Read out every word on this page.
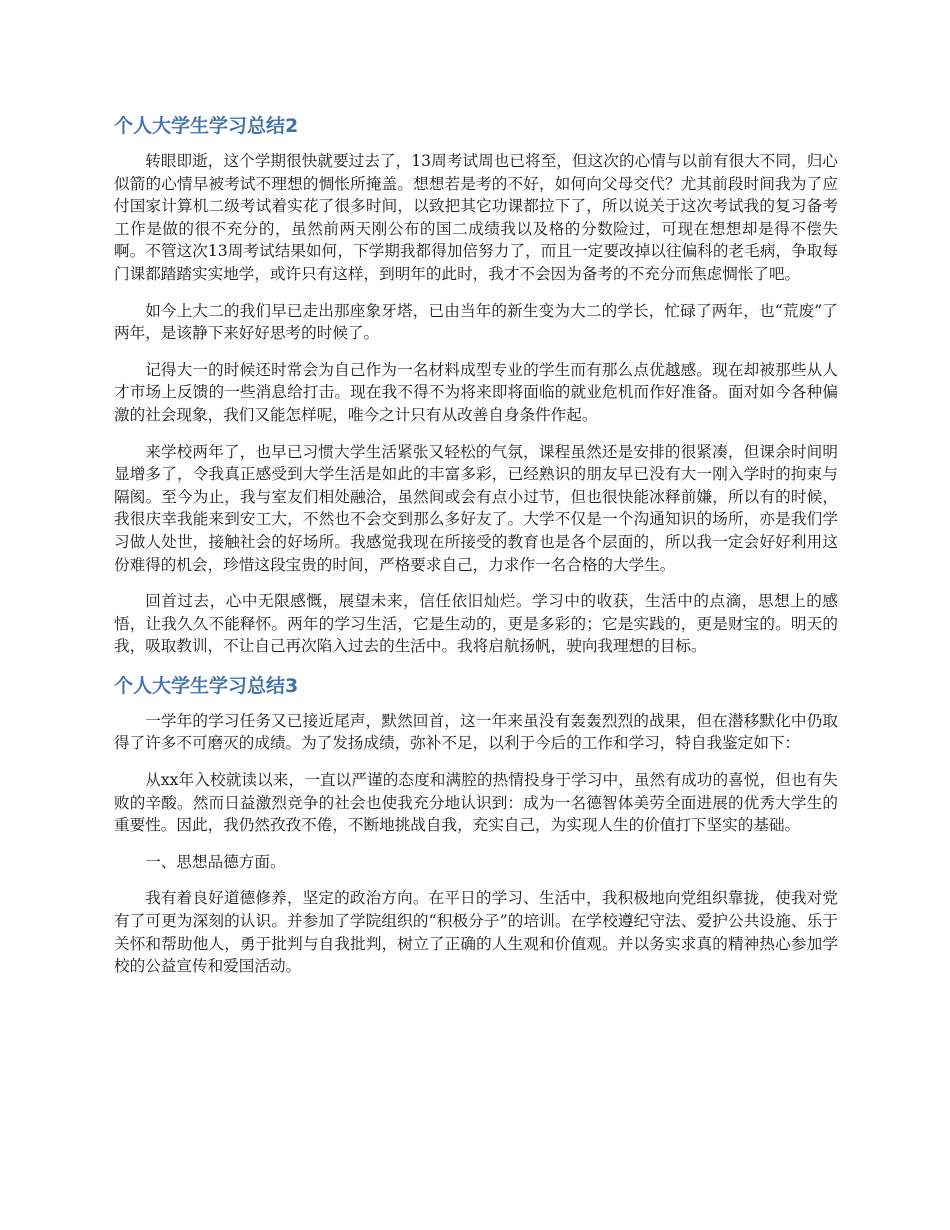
个人大学生学习总结2

转眼即逝，这个学期很快就要过去了，13周考试周也已将至，但这次的心情与以前有很大不同，归心似箭的心情早被考试不理想的惆怅所掩盖。想想若是考的不好，如何向父母交代？尤其前段时间我为了应付国家计算机二级考试着实花了很多时间，以致把其它功课都拉下了，所以说关于这次考试我的复习备考工作是做的很不充分的，虽然前两天刚公布的国二成绩我以及格的分数险过，可现在想想却是得不偿失啊。不管这次13周考试结果如何，下学期我都得加倍努力了，而且一定要改掉以往偏科的老毛病，争取每门课都踏踏实实地学，或许只有这样，到明年的此时，我才不会因为备考的不充分而焦虑惆怅了吧。

如今上大二的我们早已走出那座象牙塔，已由当年的新生变为大二的学长，忙碌了两年，也“荒废”了两年，是该静下来好好思考的时候了。

记得大一的时候还时常会为自己作为一名材料成型专业的学生而有那么点优越感。现在却被那些从人才市场上反馈的一些消息给打击。现在我不得不为将来即将面临的就业危机而作好准备。面对如今各种偏激的社会现象，我们又能怎样呢，唯今之计只有从改善自身条件作起。

来学校两年了，也早已习惯大学生活紧张又轻松的气氛，课程虽然还是安排的很紧凑，但课余时间明显增多了，令我真正感受到大学生活是如此的丰富多彩，已经熟识的朋友早已没有大一刚入学时的拘束与隔阂。至今为止，我与室友们相处融洽，虽然间或会有点小过节，但也很快能冰释前嫌，所以有的时候，我很庆幸我能来到安工大，不然也不会交到那么多好友了。大学不仅是一个沟通知识的场所，亦是我们学习做人处世，接触社会的好场所。我感觉我现在所接受的教育也是各个层面的，所以我一定会好好利用这份难得的机会，珍惜这段宝贵的时间，严格要求自己，力求作一名合格的大学生。

回首过去，心中无限感慨，展望未来，信任依旧灿烂。学习中的收获，生活中的点滴，思想上的感悟，让我久久不能释怀。两年的学习生活，它是生动的，更是多彩的；它是实践的，更是财宝的。明天的我，吸取教训，不让自己再次陷入过去的生活中。我将启航扬帆，驶向我理想的目标。

个人大学生学习总结3

一学年的学习任务又已接近尾声，默然回首，这一年来虽没有轰轰烈烈的战果，但在潜移默化中仍取得了许多不可磨灭的成绩。为了发扬成绩，弥补不足，以利于今后的工作和学习，特自我鉴定如下：

从xx年入校就读以来，一直以严谨的态度和满腔的热情投身于学习中，虽然有成功的喜悦，但也有失败的辛酸。然而日益激烈竞争的社会也使我充分地认识到：成为一名德智体美劳全面进展的优秀大学生的重要性。因此，我仍然孜孜不倦，不断地挑战自我，充实自己，为实现人生的价值打下坚实的基础。

一、思想品德方面。

我有着良好道德修养，坚定的政治方向。在平日的学习、生活中，我积极地向党组织靠拢，使我对党有了可更为深刻的认识。并参加了学院组织的“积极分子”的培训。在学校遵纪守法、爱护公共设施、乐于关怀和帮助他人，勇于批判与自我批判，树立了正确的人生观和价值观。并以务实求真的精神热心参加学校的公益宣传和爱国活动。
